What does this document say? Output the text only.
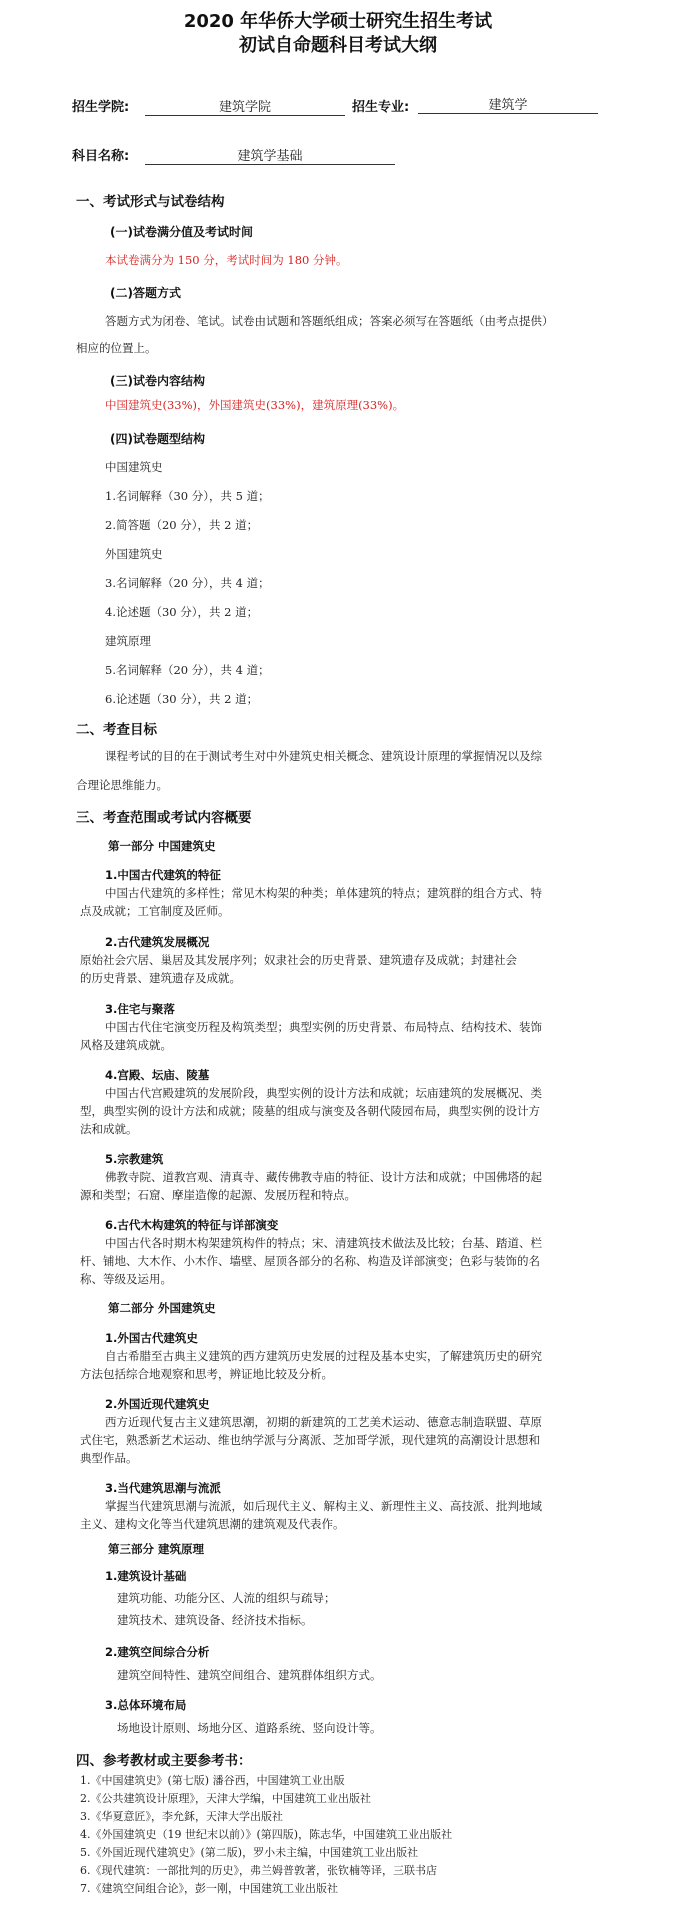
2020 年华侨大学硕士研究生招生考试
初试自命题科目考试大纲
招生学院:	建筑学院	招生专业:	建筑学
科目名称:	建筑学基础
一、考试形式与试卷结构
(一)试卷满分值及考试时间
本试卷满分为 150 分，考试时间为 180 分钟。
(二)答题方式
答题方式为闭卷、笔试。试卷由试题和答题纸组成；答案必须写在答题纸（由考点提供）
相应的位置上。
(三)试卷内容结构
中国建筑史(33%)，外国建筑史(33%)，建筑原理(33%)。
(四)试卷题型结构
中国建筑史
1.名词解释（30 分），共 5 道；
2.简答题（20 分），共 2 道；
外国建筑史
3.名词解释（20 分），共 4 道；
4.论述题（30 分），共 2 道；
建筑原理
5.名词解释（20 分），共 4 道；
6.论述题（30 分），共 2 道；
二、考查目标
课程考试的目的在于测试考生对中外建筑史相关概念、建筑设计原理的掌握情况以及综
合理论思维能力。
三、考查范围或考试内容概要
第一部分 中国建筑史
1.中国古代建筑的特征
中国古代建筑的多样性；常见木构架的种类；单体建筑的特点；建筑群的组合方式、特
点及成就；工官制度及匠师。
2.古代建筑发展概况
原始社会穴居、巢居及其发展序列；奴隶社会的历史背景、建筑遗存及成就；封建社会
的历史背景、建筑遗存及成就。
3.住宅与聚落
中国古代住宅演变历程及构筑类型；典型实例的历史背景、布局特点、结构技术、装饰
风格及建筑成就。
4.宫殿、坛庙、陵墓
中国古代宫殿建筑的发展阶段，典型实例的设计方法和成就；坛庙建筑的发展概况、类
型，典型实例的设计方法和成就；陵墓的组成与演变及各朝代陵园布局，典型实例的设计方
法和成就。
5.宗教建筑
佛教寺院、道教宫观、清真寺、藏传佛教寺庙的特征、设计方法和成就；中国佛塔的起
源和类型；石窟、摩崖造像的起源、发展历程和特点。
6.古代木构建筑的特征与详部演变
中国古代各时期木构架建筑构件的特点；宋、清建筑技术做法及比较；台基、踏道、栏
杆、铺地、大木作、小木作、墙壁、屋顶各部分的名称、构造及详部演变；色彩与装饰的名
称、等级及运用。
第二部分 外国建筑史
1.外国古代建筑史
自古希腊至古典主义建筑的西方建筑历史发展的过程及基本史实，了解建筑历史的研究
方法包括综合地观察和思考，辨证地比较及分析。
2.外国近现代建筑史
西方近现代复古主义建筑思潮，初期的新建筑的工艺美术运动、德意志制造联盟、草原
式住宅，熟悉新艺术运动、维也纳学派与分离派、芝加哥学派，现代建筑的高潮设计思想和
典型作品。
3.当代建筑思潮与流派
掌握当代建筑思潮与流派，如后现代主义、解构主义、新理性主义、高技派、批判地域
主义、建构文化等当代建筑思潮的建筑观及代表作。
第三部分 建筑原理
1.建筑设计基础
建筑功能、功能分区、人流的组织与疏导；
建筑技术、建筑设备、经济技术指标。
2.建筑空间综合分析
建筑空间特性、建筑空间组合、建筑群体组织方式。
3.总体环境布局
场地设计原则、场地分区、道路系统、竖向设计等。
四、参考教材或主要参考书：
1.《中国建筑史》(第七版) 潘谷西，中国建筑工业出版
2.《公共建筑设计原理》，天津大学编，中国建筑工业出版社
3.《华夏意匠》，李允鉌，天津大学出版社
4.《外国建筑史（19 世纪末以前）》(第四版)，陈志华，中国建筑工业出版社
5.《外国近现代建筑史》(第二版)，罗小未主编，中国建筑工业出版社
6.《现代建筑：一部批判的历史》，弗兰姆普敦著，张钦楠等译，三联书店
7.《建筑空间组合论》，彭一刚，中国建筑工业出版社
